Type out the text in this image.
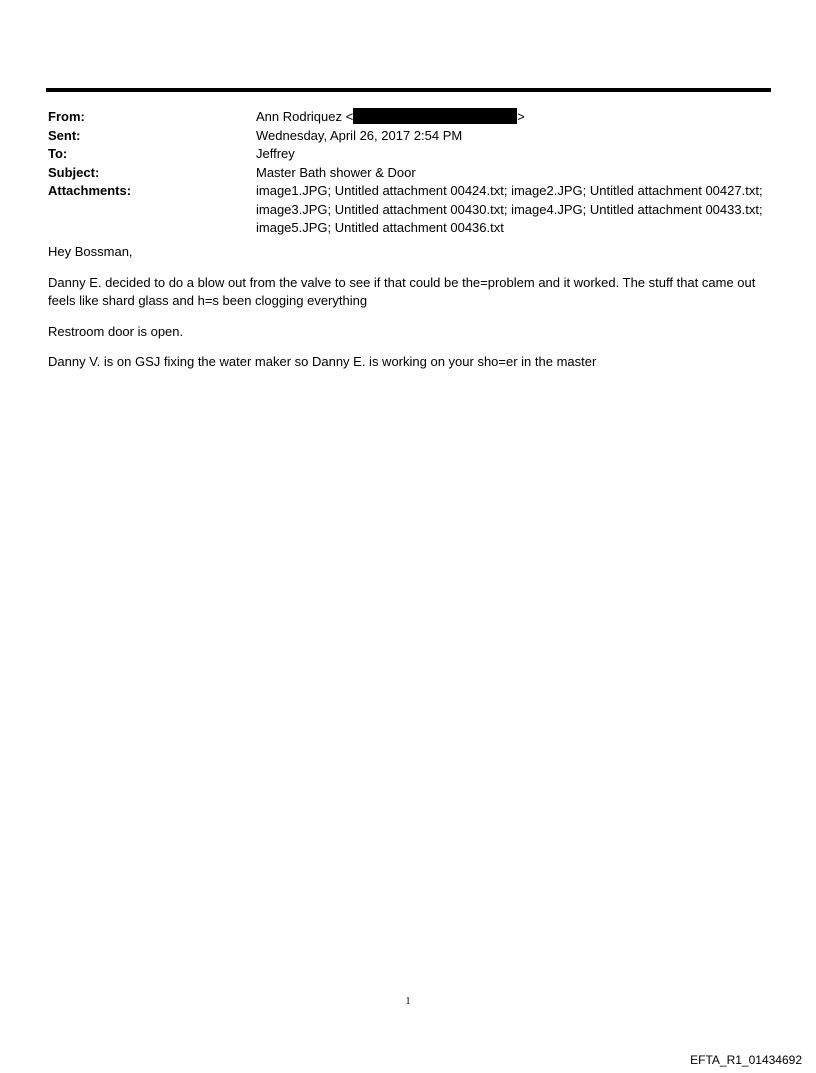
From:	Ann Rodriquez <	>
Sent:	Wednesday, April 26, 2017 2:54 PM
To:	Jeffrey
Subject:	Master Bath shower & Door
Attachments:	image1.JPG; Untitled attachment 00424.txt; image2.JPG; Untitled attachment 00427.txt; image3.JPG; Untitled attachment 00430.txt; image4.JPG; Untitled attachment 00433.txt; image5.JPG; Untitled attachment 00436.txt

Hey Bossman,

Danny E. decided to do a blow out from the valve to see if that could be the=problem and it worked. The stuff that came out feels like shard glass and h=s been clogging everything

Restroom door is open.

Danny V. is on GSJ fixing the water maker so Danny E. is working on your sho=er in the master

1
EFTA_R1_01434692
